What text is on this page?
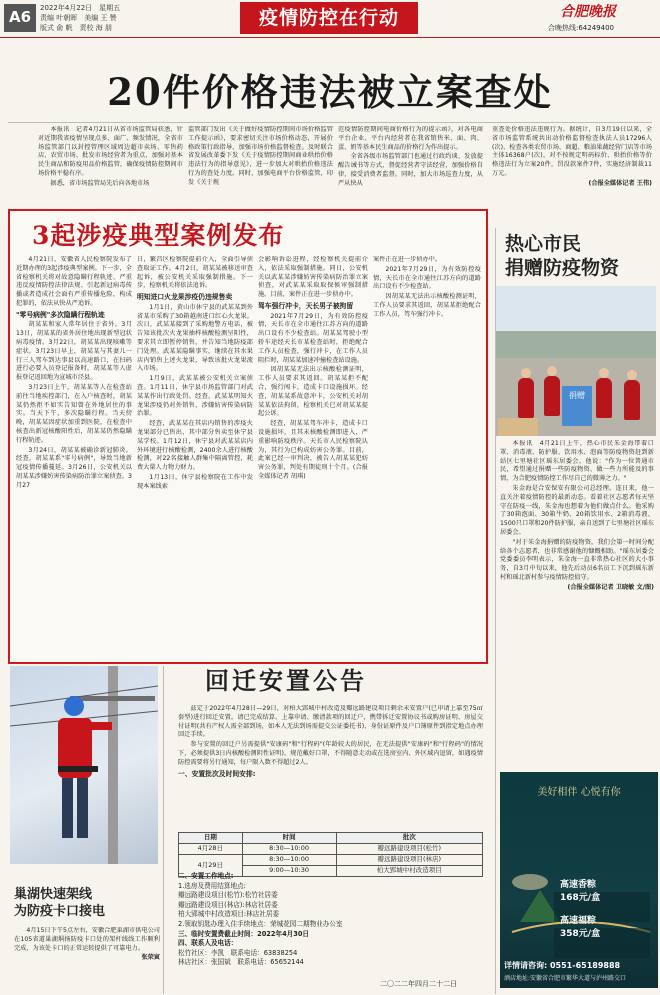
A6
2022年4月22日　星期五
责编 叶朝晖　美编 王 赞
版式 俞 帆　责校 海 朋	疫情防控在行动	合肥晚报
合晚热线:64249400
20件价格违法被立案查处

本报讯　记者4月21日从省市场监管局获悉，针对近期我省疫情呈现点多、面广、频发情况，全省市场监管部门以封控管理区域周边超市卖场、零售药店、农贸市场、批发市场经营者为重点，加强对基本民生商品和防疫用品价格监管，确保疫情防控期间市场价格平稳有序。

据悉，省市场监管局先后向各地市场

监管部门发出《关于做好疫情防控期间市场价格监管工作提示函》，要求密切关注市场价格动态，开展价格政策行政指导，加强市场价格监督检查。及时联合省发展改革委下发《关于疫情防控期间商业哄抬价格违法行为的指导意见》，进一步加大对哄抬价格违法行为的查处力度。同时，加强电商平台价格监管，印发《关于规

范疫情防控期间电商价格行为的提示函》，对各电商平台企业、平台内经营者在我省销售米、面、肉、蛋、奶等基本民生商品的价格行为作出提示。

全省各级市场监管部门也通过行政约谈、发放提醒告诫书等方式，督促经营者守法经营，加强价格自律，接受消费者监督。同时，加大市场巡查力度，从严从快从

重查处价格违法违规行为。据统计，自3月19日以来，全省市场监管系统共出动价格监督检查执法人员17296人(次)，检查各类农贸市场、商超、粮油果蔬经营门店等市场主体16368户(次)，对不按规定明码标价、哄抬价格等价格违法行为立案20件，罚没款案件7件，实施经济制裁11万元。

(合报全媒体记者 王伟)

3起涉疫典型案例发布

4月21日，安徽省人民检察院发布了近期办理的3起涉疫典型案例。下一步，全省检察机关将对故意隐瞒行程轨迹、严重违反疫情防控法律法规、引起新冠病毒传播或者造成社会面有严重传播危险，构成犯罪的，依法从快从严追诉。

"零号病例"多次隐瞒行程轨迹

胡某某和家人常年居住于省外。3月13日，胡某某的省外居住地出现新型冠状病毒疫情。3月22日，胡某某出现咳嗽等症状。3月23日早上，胡某某与其妻儿一行三人驾车到达事县以高速路口，在扫码进行必要入员登记报备时，胡某某等人虚报登记返回地为宣城市泾县。

3月23日上午，胡某某等人在检查站前往当地疾控部门，在入户核查时，胡某某仍然拒不如实告知曾在外地居住的事实。当天下午，多次隐瞒行程。当天傍晚，胡某某因症状加重到医院，在检查中核查出新冠核酸阳性后，胡某某仍然隐瞒行程轨迹。

3月24日，胡某某被确诊新冠肺炎。经查，胡某某系"零号病例"，导致当地新冠疫情传播蔓延。3月26日，公安机关以胡某某涉嫌妨害传染病防治罪立案侦查。3月27

日，繁昌区检察院提前介入，全面引导侦查取证工作。4月2日，胡某某被移送审查起诉，被公安机关采取强制措施。下一步，检察机关将依法追诉。

明知进口火龙果涉疫仍违规售卖

1月1日，黄山市休宁县的武某某到外省某市采购了30箱越南进口红心火龙果。次日，武某某接到了采购地警方电话，被告知该批次火龙果抽样核酸检测呈阳性，要求其立即暂停销售，并告知当地防疫部门处理。武某某隐瞒事实，继续在其水果店内销售上述火龙果，导致该批火龙果流入市场。

1月9日，武某某被公安机关立案侦查。1月11日，休宁县市场监管部门对武某某作出行政处罚。经查，武某某明知火龙果涉疫仍对外销售，涉嫌妨害传染病防治罪。

经查，武某某在其店内销售的涉疫火龙果部分已售出，其中部分售卖至休宁县某学校。1月12日，休宁县对武某某店内外环境进行核酸检测，2400余人进行核酸检测，对22名接触人群集中隔离管控，耗费大量人力物力财力。

1月13日，休宁县检察院在工作中发现本案线索

会影响诉讼进程，经检察机关提前介入，依法采取强制措施。同日，公安机关以武某某涉嫌妨害传染病防治罪立案侦查，对武某某采取取保候审强制措施。目前，案件正在进一步侦办中。

驾车强行冲卡，天长男子被拘留

2021年7月29日，为有效防控疫情，天长市在全市通往江苏方向的道路出口设有不少检查站。胡某某驾驶小型轿车途经天长市某检查站时，拒绝配合工作人员检查，强行冲卡，在工作人员阻拦时，胡某某加速冲撞检查站设施。

因胡某某无法出示核酸检测证明，工作人员要求其返回。胡某某拒不配合，强行闯卡，造成卡口设施损坏。经查，胡某某系故意冲卡，公安机关对胡某某依法拘留，检察机关已对胡某某提起公诉。

经查，胡某某驾车冲卡，造成卡口设施损坏，且其未核酸检测即进入，严重影响防疫秩序。天长市人民检察院认为，其行为已构成妨害公务罪。目前，此案已经一审判决，被告人胡某某犯妨害公务罪，判处有期徒刑十个月。(合报全媒体记者 胡琪)

案件正在进一步侦办中。

2021年7月29日，为有效防控疫情，天长市在全市通往江苏方向的道路出口设有不少检查站。

因胡某某无法出示核酸检测证明，工作人员要求其返回，胡某某拒绝配合工作人员，驾车强行冲卡。

热心市民
捐赠防疫物资
捐赠

本报讯　4月21日上午，热心市民朱金海带着口罩、消毒液、防护服、饮用水、泡面等防疫物资赶到新站区七里塘社区瑶东居委会。他说："作为一位普通市民，希望通过捐赠一些防疫物资，做一些力所能及的事情，为合肥疫情防控工作尽自己的微薄之力。"

朱金海是合安保安有限公司总经理。连日来，他一直关注着疫情防控的最新动态。看着社区志愿者每天坚守在防疫一线，朱金海也想着为他们做点什么。他采购了30箱泡面、30箱牛奶、20箱饮用水、2箱消毒液、1500只口罩和20件防护服，亲自送到了七里塘社区瑶东居委会。

"对于朱金海捐赠的防疫物资，我们会第一时间分配给各个志愿者，也非常感谢他的慷慨相助。"瑶东居委会党委委员李明表示，朱金海一直非常热心社区的大小事务，自3月中旬以来，他先后动员6名员工下沉到瑶东新村和瑶北新村参与疫情防控值守。

(合报全媒体记者 卫晓敏 文/图)

回迁安置公告

兹定于2022年4月28日—29日，对柏大郢城中村改造及瓣远路建设项目剩余未安置户(已申请上靠至75㎡套型)进行回迁安置。请已完成结算、上靠申请、缴清款项的回迁户，携带拆迁安置协议书或购房证明、房屋交付证明(共有产权人需全部到场，如本人无法到场需提交公证委托书)、身份证原件及户口簿原件到指定地点办理回迁手续。

参与安置的回迁户另需提供"安康码"和"行程码"(年龄较大的居民，在无法提供"安康码"和"行程码"的情况下，必须提供3日内核酸检测阴性证明)，规范戴好口罩，不得随意走动或在选房室内、外区域内逗留，如遇疫情防控需要将另行通知，每户限入数不得超过2人。

一、安置批次及时间安排:

日期	时间	批次
4月28日	8:30—10:00	瓣远路建设项目(松竹)
4月29日	8:30—10:00	瓣远路建设项目(林店)
	9:00—10:30	柏大郢城中村改造项目
二、安置工作地点:
1.选房及费用结算地点:
瓣远路建设项目(松竹):松竹社居委
瓣远路建设项目(林店):林店社居委
柏大郢城中村改造项目:林店社居委
2.领取钥匙办理入住手续地点：荣城花园二期物业办公室
三、临时安置费截止时间：2022年4月30日
四、联系人及电话：
松竹社区：李凯　联系电话：63838254
林店社区：张国斌　联系电话：65652144
二〇二二年四月二十二日
巢湖快速架线
为防疫卡口接电

4月15日下午5点左右，安徽合肥巢湖市供电公司在105省道巢湖烔扬防疫卡口处的架杆线线工作顺利完成，为该处卡口的正常运转提供了可靠电力。

张荣寅

美好相伴 心悦有你
高速香粽
168元/盒
高速福粽
358元/盒
详情请咨询: 0551-65189888
酒店地址:安徽省合肥市繁华大道与泸州路交口
